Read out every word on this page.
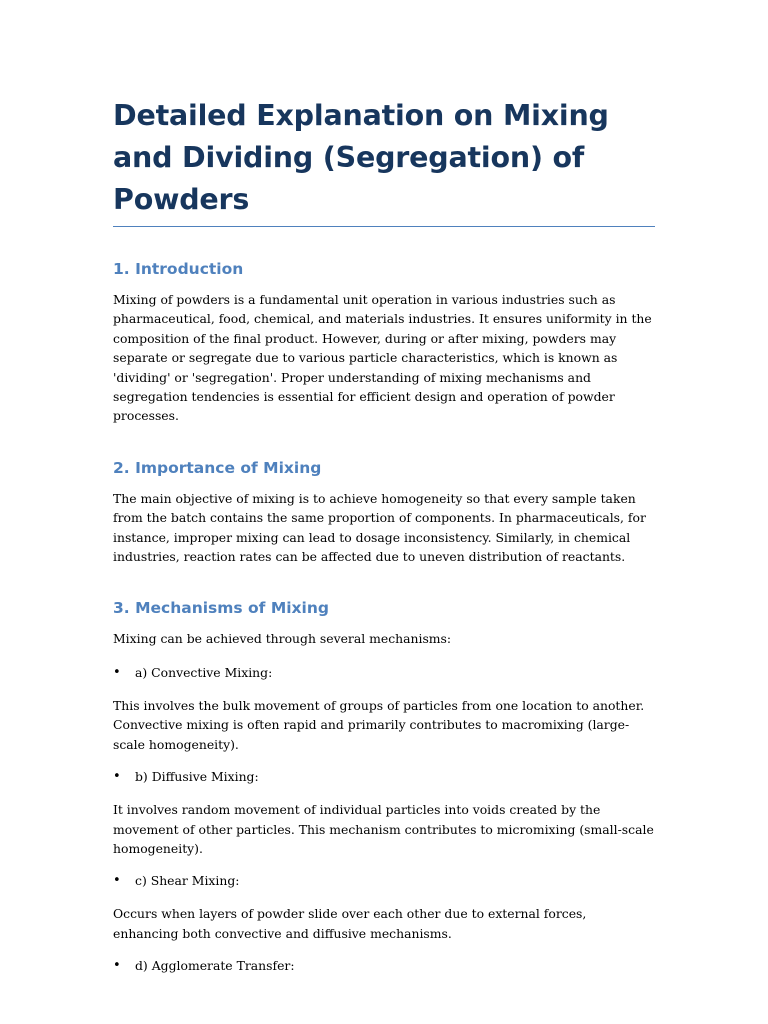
Detailed Explanation on Mixing and Dividing (Segregation) of Powders
1. Introduction

Mixing of powders is a fundamental unit operation in various industries such as pharmaceutical, food, chemical, and materials industries. It ensures uniformity in the composition of the final product. However, during or after mixing, powders may separate or segregate due to various particle characteristics, which is known as 'dividing' or 'segregation'. Proper understanding of mixing mechanisms and segregation tendencies is essential for efficient design and operation of powder processes.

2. Importance of Mixing

The main objective of mixing is to achieve homogeneity so that every sample taken from the batch contains the same proportion of components. In pharmaceuticals, for instance, improper mixing can lead to dosage inconsistency. Similarly, in chemical industries, reaction rates can be affected due to uneven distribution of reactants.

3. Mechanisms of Mixing

Mixing can be achieved through several mechanisms:

• a) Convective Mixing:

This involves the bulk movement of groups of particles from one location to another. Convective mixing is often rapid and primarily contributes to macromixing (large-scale homogeneity).

• b) Diffusive Mixing:

It involves random movement of individual particles into voids created by the movement of other particles. This mechanism contributes to micromixing (small-scale homogeneity).

• c) Shear Mixing:

Occurs when layers of powder slide over each other due to external forces, enhancing both convective and diffusive mechanisms.

• d) Agglomerate Transfer:
